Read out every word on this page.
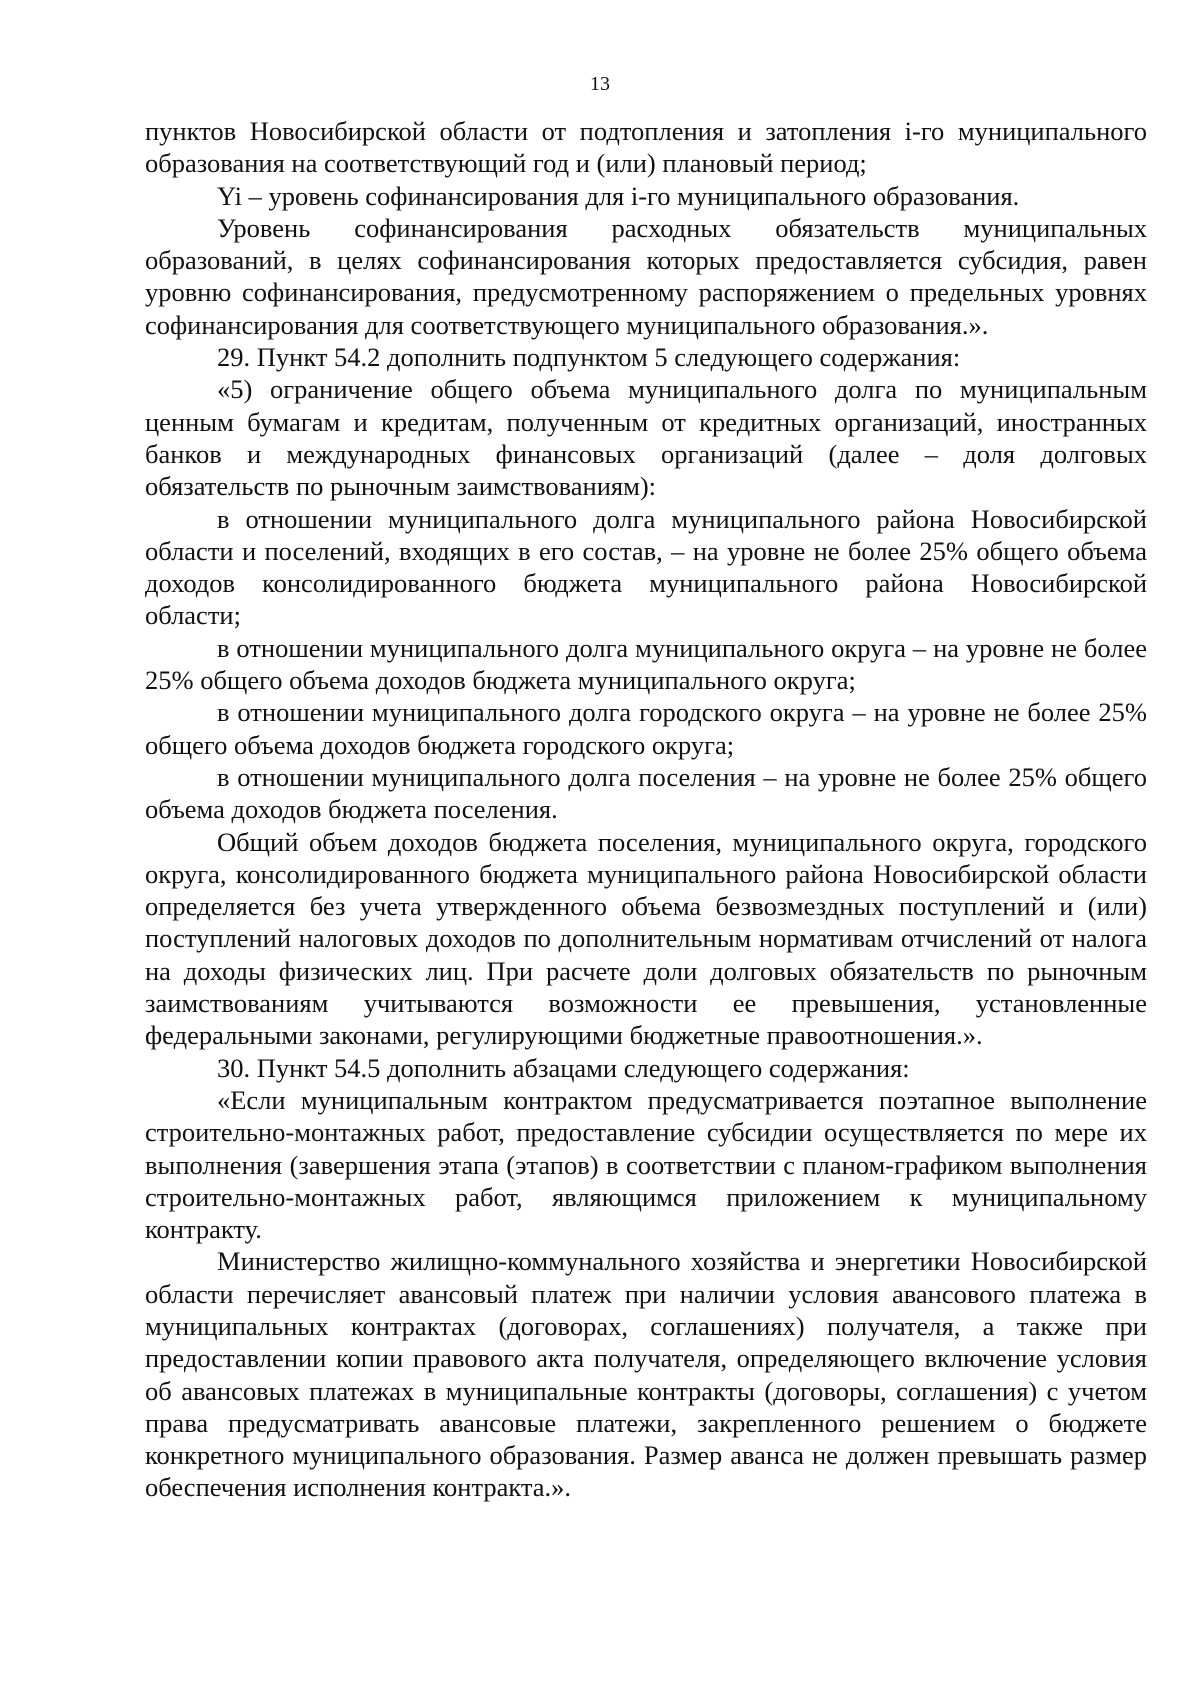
13

пунктов Новосибирской области от подтопления и затопления i-го муниципального образования на соответствующий год и (или) плановый период;

Yi – уровень софинансирования для i-го муниципального образования.

Уровень софинансирования расходных обязательств муниципальных образований, в целях софинансирования которых предоставляется субсидия, равен уровню софинансирования, предусмотренному распоряжением о предельных уровнях софинансирования для соответствующего муниципального образования.».

29. Пункт 54.2 дополнить подпунктом 5 следующего содержания:

«5) ограничение общего объема муниципального долга по муниципальным ценным бумагам и кредитам, полученным от кредитных организаций, иностранных банков и международных финансовых организаций (далее – доля долговых обязательств по рыночным заимствованиям):

в отношении муниципального долга муниципального района Новосибирской области и поселений, входящих в его состав, – на уровне не более 25% общего объема доходов консолидированного бюджета муниципального района Новосибирской области;

в отношении муниципального долга муниципального округа – на уровне не более 25% общего объема доходов бюджета муниципального округа;

в отношении муниципального долга городского округа – на уровне не более 25% общего объема доходов бюджета городского округа;

в отношении муниципального долга поселения – на уровне не более 25% общего объема доходов бюджета поселения.

Общий объем доходов бюджета поселения, муниципального округа, городского округа, консолидированного бюджета муниципального района Новосибирской области определяется без учета утвержденного объема безвозмездных поступлений и (или) поступлений налоговых доходов по дополнительным нормативам отчислений от налога на доходы физических лиц. При расчете доли долговых обязательств по рыночным заимствованиям учитываются возможности ее превышения, установленные федеральными законами, регулирующими бюджетные правоотношения.».

30. Пункт 54.5 дополнить абзацами следующего содержания:

«Если муниципальным контрактом предусматривается поэтапное выполнение строительно-монтажных работ, предоставление субсидии осуществляется по мере их выполнения (завершения этапа (этапов) в соответствии с планом-графиком выполнения строительно-монтажных работ, являющимся приложением к муниципальному контракту.

Министерство жилищно-коммунального хозяйства и энергетики Новосибирской области перечисляет авансовый платеж при наличии условия авансового платежа в муниципальных контрактах (договорах, соглашениях) получателя, а также при предоставлении копии правового акта получателя, определяющего включение условия об авансовых платежах в муниципальные контракты (договоры, соглашения) с учетом права предусматривать авансовые платежи, закрепленного решением о бюджете конкретного муниципального образования. Размер аванса не должен превышать размер обеспечения исполнения контракта.».
